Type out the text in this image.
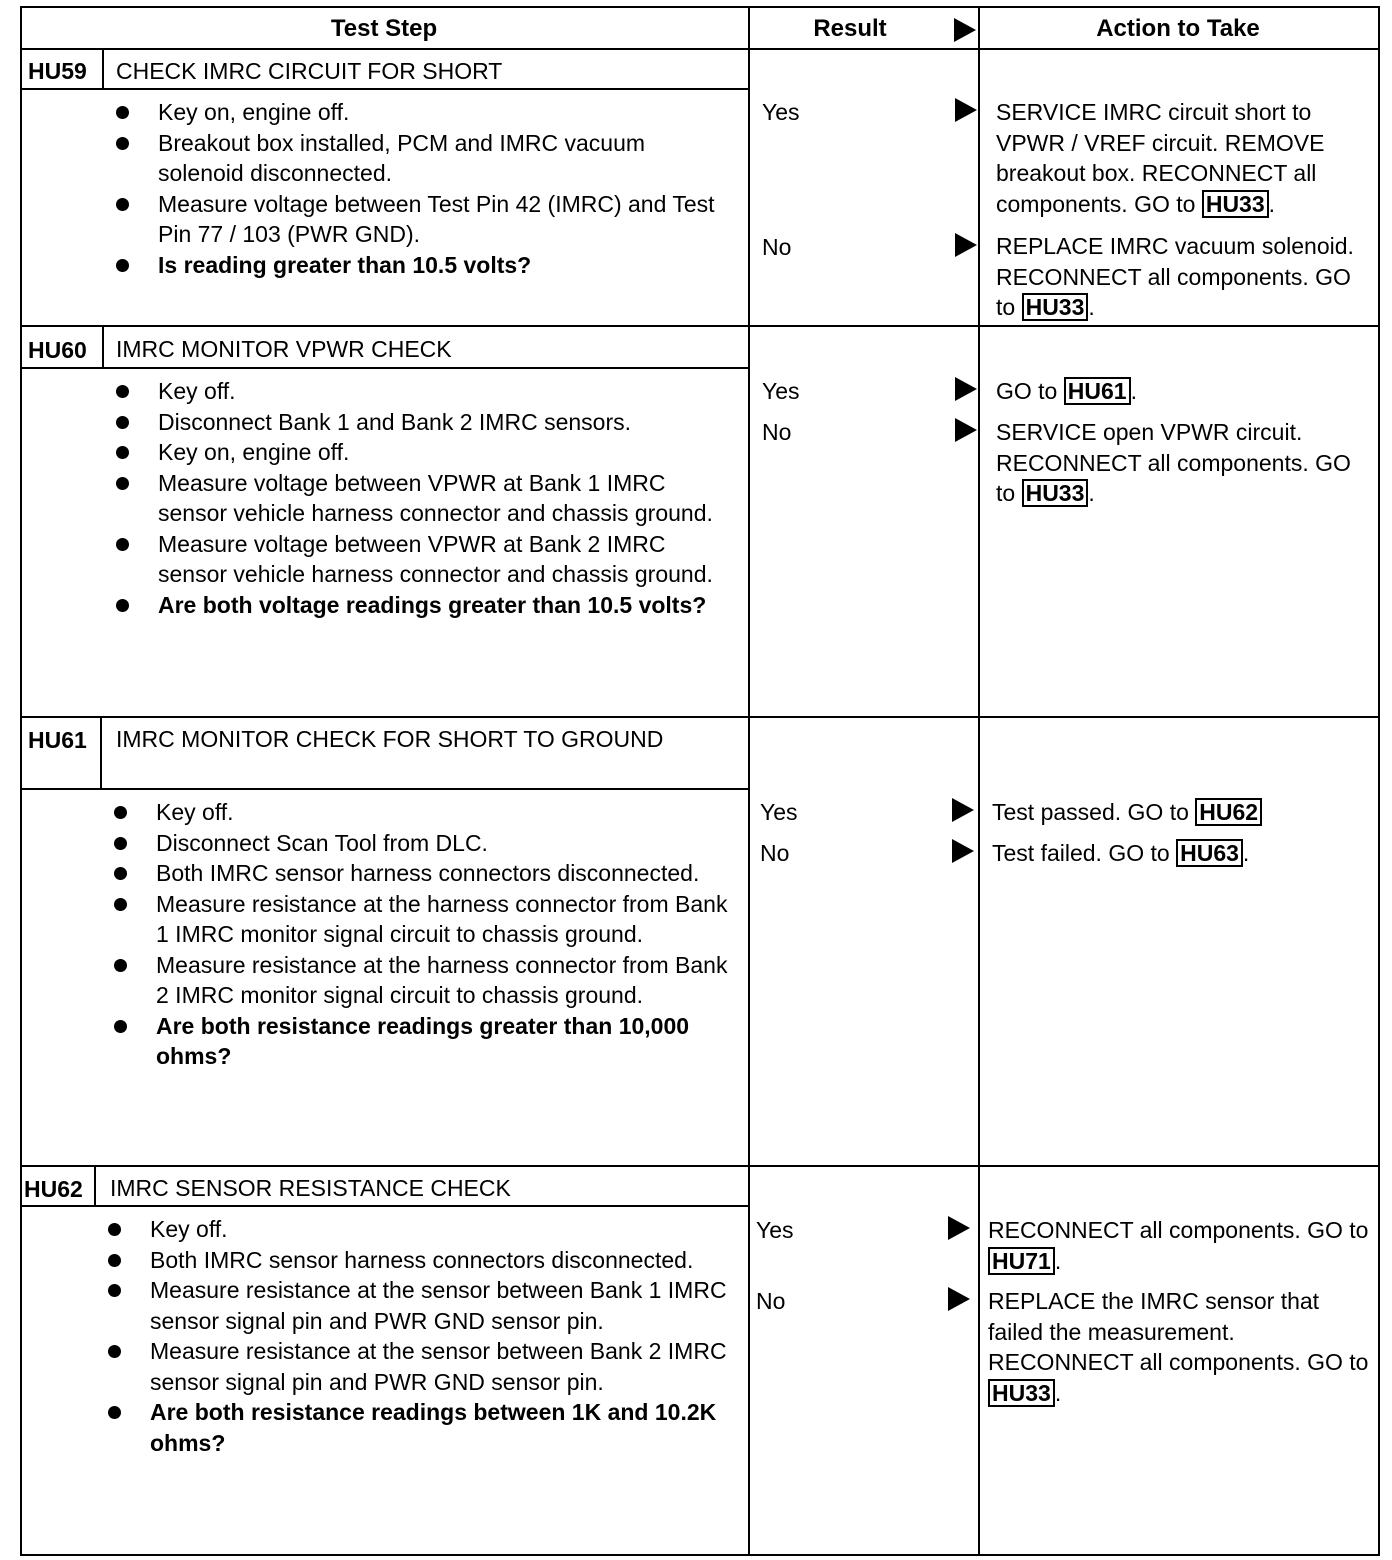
Test Step	Result	Action to Take
HU59 CHECK IMRC CIRCUIT FOR SHORT
Key on, engine off.
Breakout box installed, PCM and IMRC vacuum solenoid disconnected.
Measure voltage between Test Pin 42 (IMRC) and Test Pin 77 / 103 (PWR GND).
Is reading greater than 10.5 volts?
Yes
No
SERVICE IMRC circuit short to VPWR / VREF circuit. REMOVE breakout box. RECONNECT all components. GO to HU33 .
REPLACE IMRC vacuum solenoid. RECONNECT all components. GO to HU33 .
HU60 IMRC MONITOR VPWR CHECK
Key off.
Disconnect Bank 1 and Bank 2 IMRC sensors.
Key on, engine off.
Measure voltage between VPWR at Bank 1 IMRC sensor vehicle harness connector and chassis ground.
Measure voltage between VPWR at Bank 2 IMRC sensor vehicle harness connector and chassis ground.
Are both voltage readings greater than 10.5 volts?
Yes
No
GO to HU61 .
SERVICE open VPWR circuit. RECONNECT all components. GO to HU33 .
HU61 IMRC MONITOR CHECK FOR SHORT TO GROUND
Key off.
Disconnect Scan Tool from DLC.
Both IMRC sensor harness connectors disconnected.
Measure resistance at the harness connector from Bank 1 IMRC monitor signal circuit to chassis ground.
Measure resistance at the harness connector from Bank 2 IMRC monitor signal circuit to chassis ground.
Are both resistance readings greater than 10,000 ohms?
Yes
No
Test passed. GO to HU62
Test failed. GO to HU63 .
HU62 IMRC SENSOR RESISTANCE CHECK
Key off.
Both IMRC sensor harness connectors disconnected.
Measure resistance at the sensor between Bank 1 IMRC sensor signal pin and PWR GND sensor pin.
Measure resistance at the sensor between Bank 2 IMRC sensor signal pin and PWR GND sensor pin.
Are both resistance readings between 1K and 10.2K ohms?
Yes
No
RECONNECT all components. GO to HU71 .
REPLACE the IMRC sensor that failed the measurement. RECONNECT all components. GO to HU33 .
